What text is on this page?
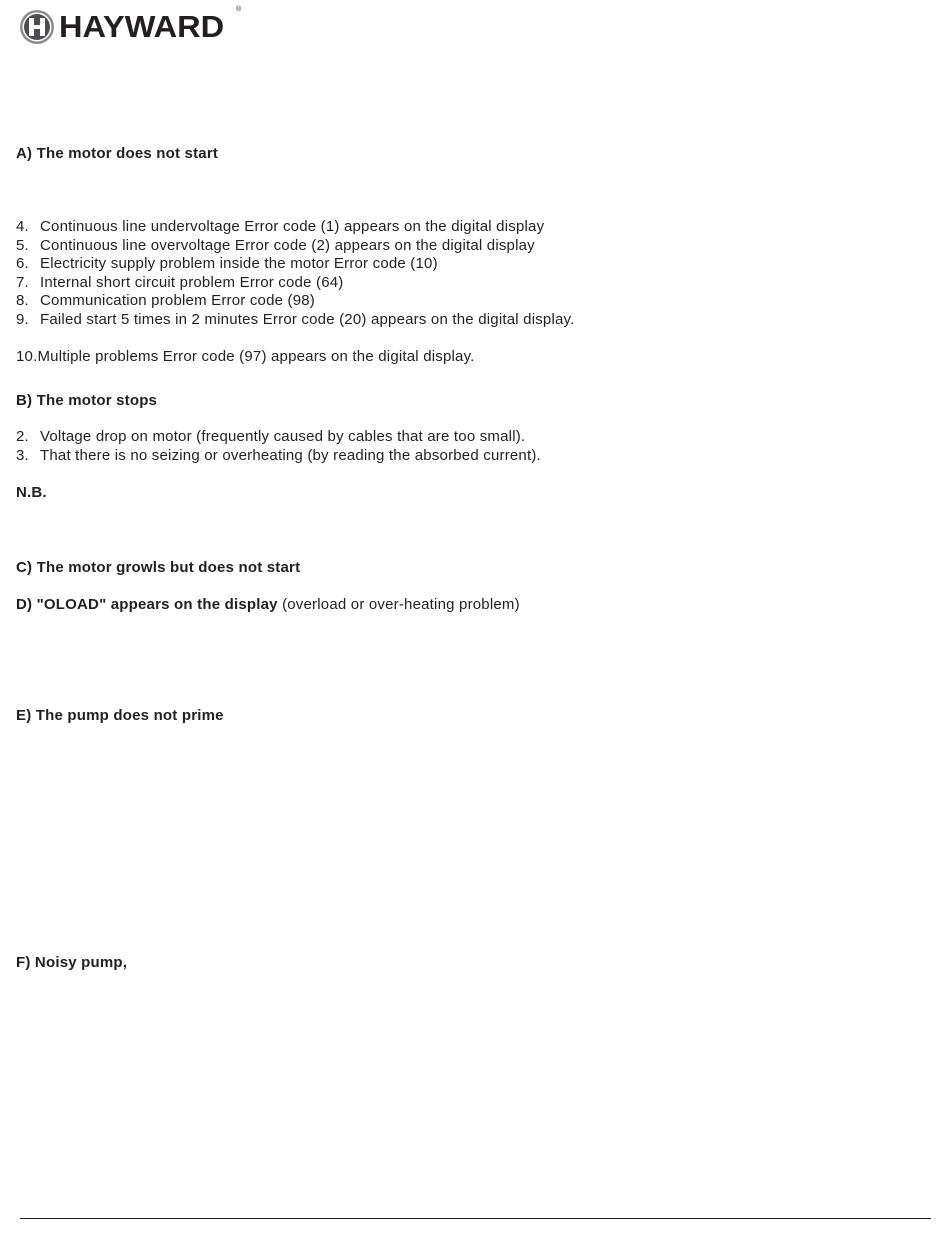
HAYWARD ®
A) The motor does not start
4. Continuous line undervoltage Error code (1) appears on the digital display
5. Continuous line overvoltage Error code (2) appears on the digital display
6. Electricity supply problem inside the motor Error code (10)
7. Internal short circuit problem Error code (64)
8. Communication problem Error code (98)
9. Failed start 5 times in 2 minutes Error code (20) appears on the digital display.
10.Multiple problems Error code (97) appears on the digital display.
B) The motor stops
2. Voltage drop on motor (frequently caused by cables that are too small).
3. That there is no seizing or overheating (by reading the absorbed current).
N.B.
C) The motor growls but does not start
D) "OLOAD" appears on the display (overload or over-heating problem)
E) The pump does not prime
F) Noisy pump,
